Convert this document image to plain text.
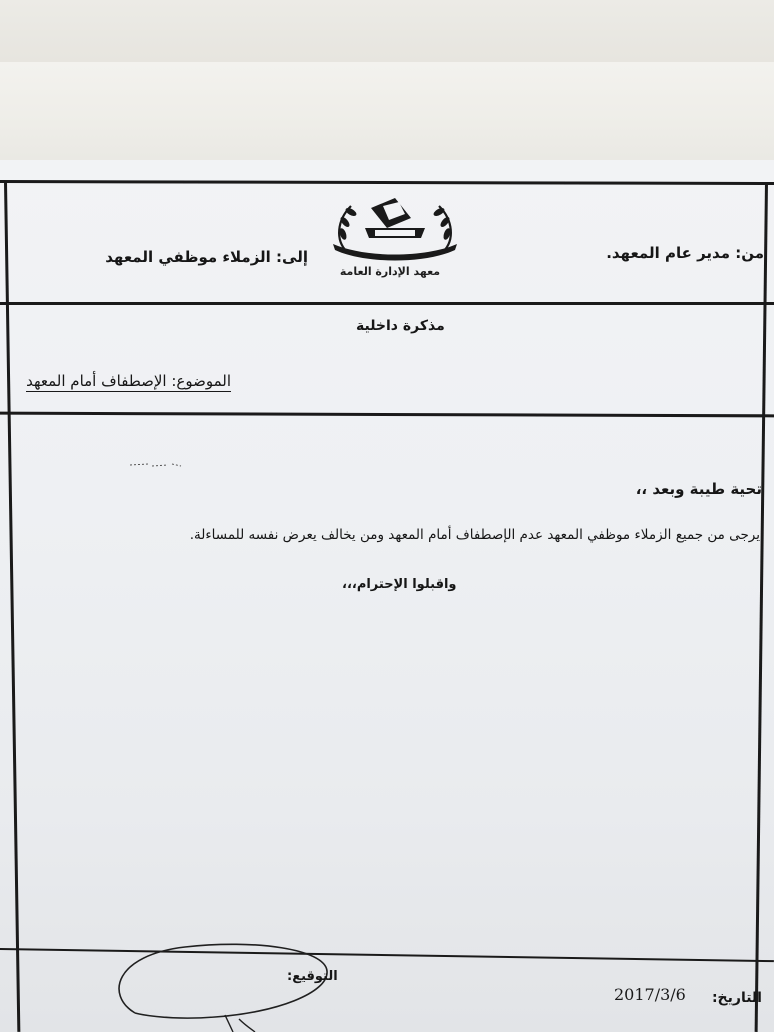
من: مدير عام المعهد.
إلى: الزملاء موظفي المعهد
معهد الإدارة العامة
مذكرة داخلية
الموضوع: الإصطفاف أمام المعهد
تحية طيبة وبعد ،،
يرجى من جميع الزملاء موظفي المعهد عدم الإصطفاف أمام المعهد ومن يخالف يعرض نفسه للمساءلة.
واقبلوا الإحترام،،،
التوقيع:
التاريخ:
2017/3/6
